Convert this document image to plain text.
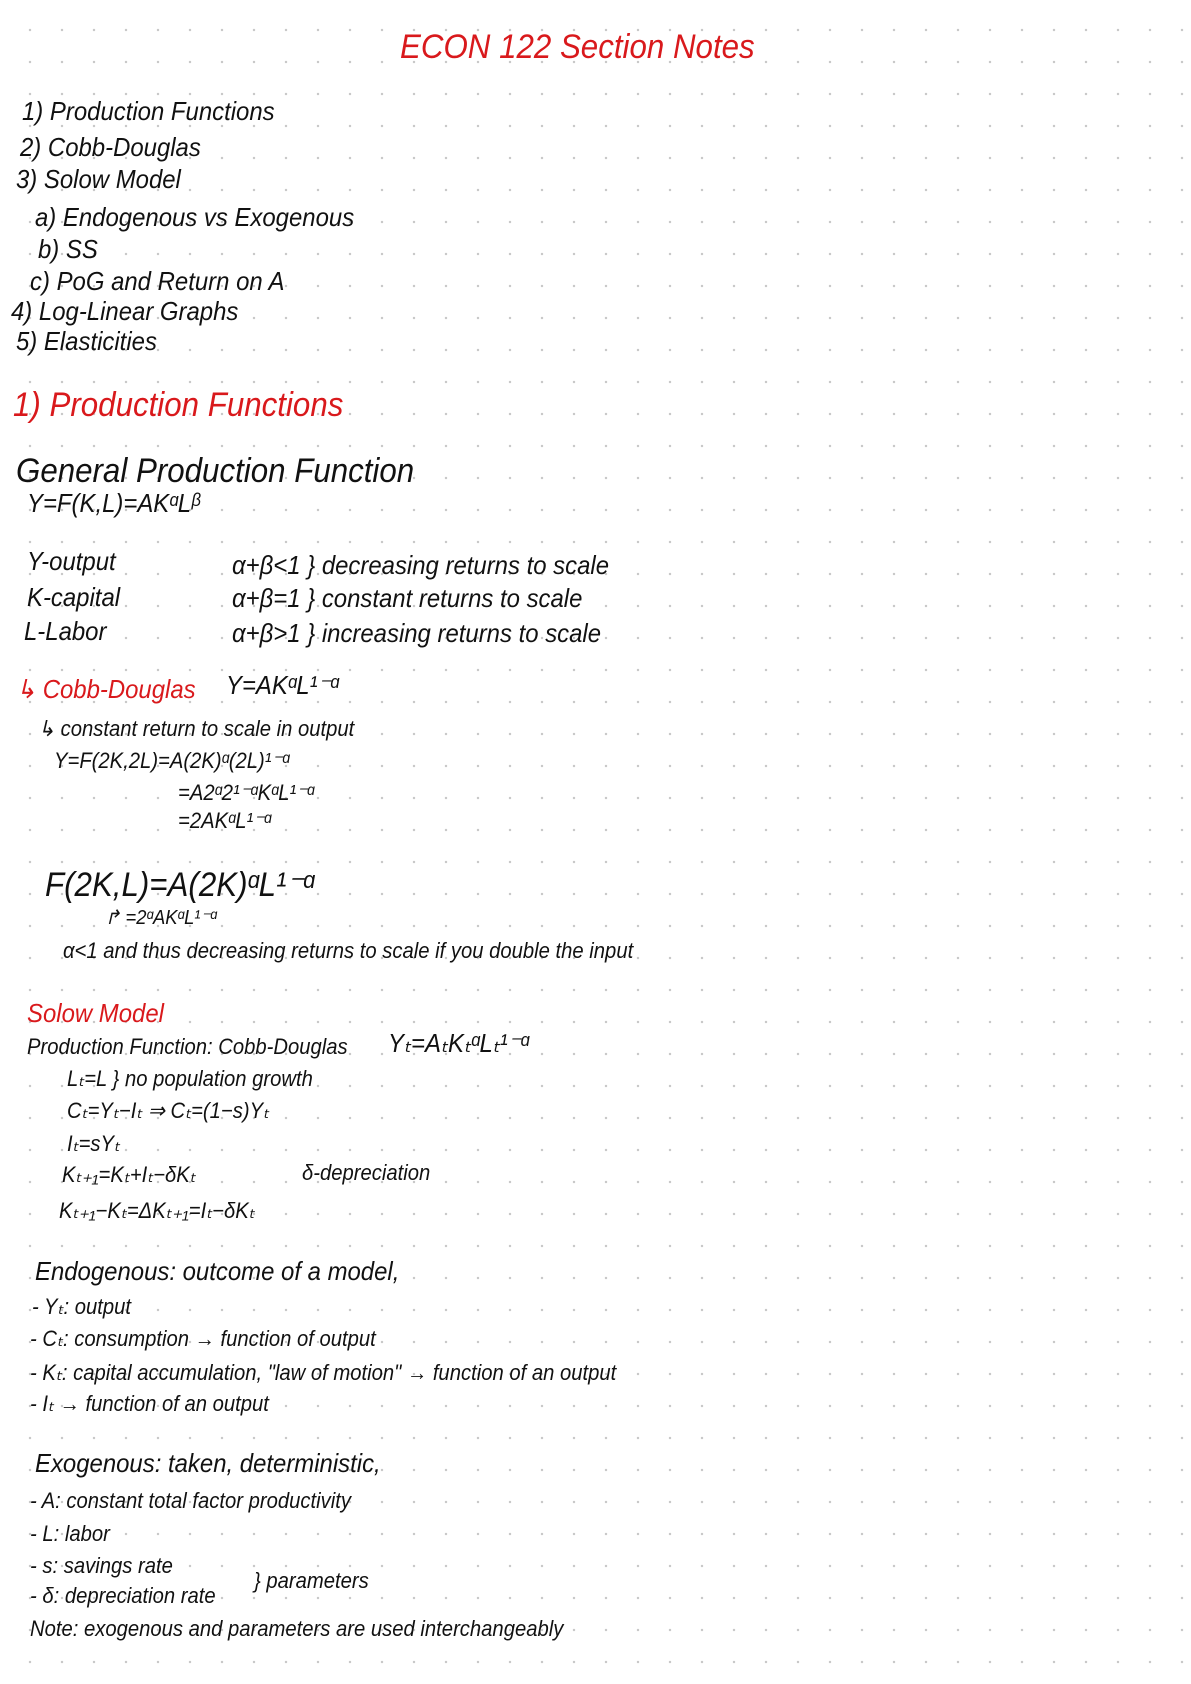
ECON 122 Section Notes
1) Production Functions
2) Cobb-Douglas
3) Solow Model
a) Endogenous vs Exogenous
b) SS
c) PoG and Return on A
4) Log-Linear Graphs
5) Elasticities
1) Production Functions
General Production Function
Y=F(K,L)=AKᵅLᵝ
Y-output
K-capital
L-Labor
α+β<1 } decreasing returns to scale
α+β=1 } constant returns to scale
α+β>1 } increasing returns to scale
↳ Cobb-Douglas Y=AKᵅL¹⁻ᵅ
↳ constant return to scale in output
Y=F(2K,2L)=A(2K)ᵅ(2L)¹⁻ᵅ
=A2ᵅ2¹⁻ᵅKᵅL¹⁻ᵅ
=2AKᵅL¹⁻ᵅ
F(2K,L)=A(2K)ᵅL¹⁻ᵅ
↱ =2ᵅAKᵅL¹⁻ᵅ
α<1 and thus decreasing returns to scale if you double the input
Solow Model
Production Function: Cobb-Douglas Yₜ=AₜKₜᵅLₜ¹⁻ᵅ
Lₜ=L } no population growth
Cₜ=Yₜ−Iₜ ⇒ Cₜ=(1−s)Yₜ
Iₜ=sYₜ
Kₜ₊₁=Kₜ+Iₜ−δKₜ	δ-depreciation
Kₜ₊₁−Kₜ=ΔKₜ₊₁=Iₜ−δKₜ
Endogenous: outcome of a model,
- Yₜ: output
- Cₜ: consumption → function of output
- Kₜ: capital accumulation, "law of motion" → function of an output
- Iₜ → function of an output
Exogenous: taken, deterministic,
- A: constant total factor productivity
- L: labor
- s: savings rate
- δ: depreciation rate
} parameters
Note: exogenous and parameters are used interchangeably
